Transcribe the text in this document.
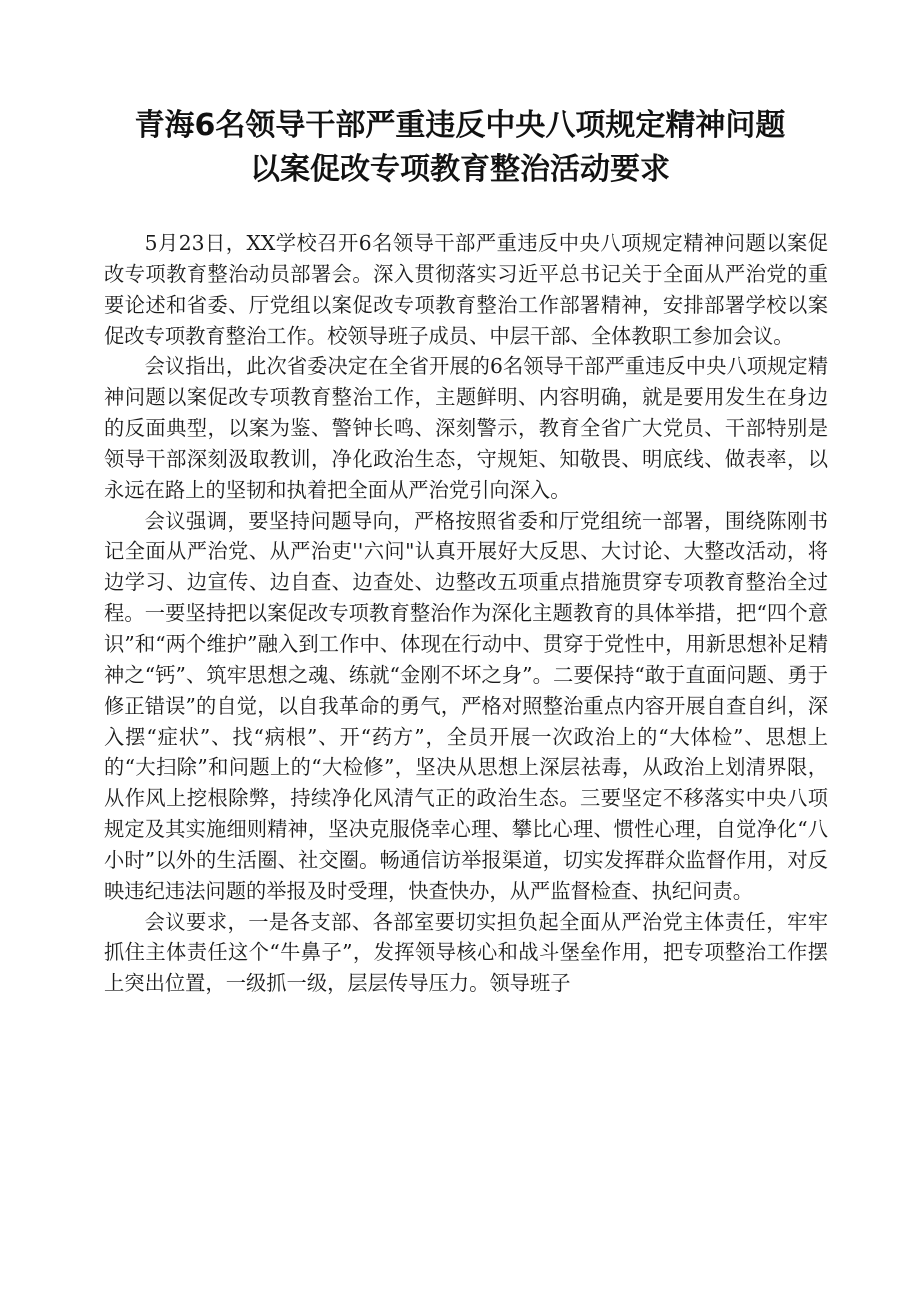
青海6名领导干部严重违反中央八项规定精神问题
以案促改专项教育整治活动要求

5月23日，XX学校召开6名领导干部严重违反中央八项规定精神问题以案促改专项教育整治动员部署会。深入贯彻落实习近平总书记关于全面从严治党的重要论述和省委、厅党组以案促改专项教育整治工作部署精神，安排部署学校以案促改专项教育整治工作。校领导班子成员、中层干部、全体教职工参加会议。

会议指出，此次省委决定在全省开展的6名领导干部严重违反中央八项规定精神问题以案促改专项教育整治工作，主题鲜明、内容明确，就是要用发生在身边的反面典型，以案为鉴、警钟长鸣、深刻警示，教育全省广大党员、干部特别是领导干部深刻汲取教训，净化政治生态，守规矩、知敬畏、明底线、做表率，以永远在路上的坚韧和执着把全面从严治党引向深入。

会议强调，要坚持问题导向，严格按照省委和厅党组统一部署，围绕陈刚书记全面从严治党、从严治吏''六问"认真开展好大反思、大讨论、大整改活动，将边学习、边宣传、边自查、边查处、边整改五项重点措施贯穿专项教育整治全过程。一要坚持把以案促改专项教育整治作为深化主题教育的具体举措，把“四个意识”和“两个维护”融入到工作中、体现在行动中、贯穿于党性中，用新思想补足精神之“钙”、筑牢思想之魂、练就“金刚不坏之身”。二要保持“敢于直面问题、勇于修正错误”的自觉，以自我革命的勇气，严格对照整治重点内容开展自查自纠，深入摆“症状”、找“病根”、开“药方”，全员开展一次政治上的“大体检”、思想上的“大扫除”和问题上的“大检修”，坚决从思想上深层祛毒，从政治上划清界限，从作风上挖根除弊，持续净化风清气正的政治生态。三要坚定不移落实中央八项规定及其实施细则精神，坚决克服侥幸心理、攀比心理、惯性心理，自觉净化“八小时”以外的生活圈、社交圈。畅通信访举报渠道，切实发挥群众监督作用，对反映违纪违法问题的举报及时受理，快查快办，从严监督检查、执纪问责。

会议要求，一是各支部、各部室要切实担负起全面从严治党主体责任，牢牢抓住主体责任这个“牛鼻子”，发挥领导核心和战斗堡垒作用，把专项整治工作摆上突出位置，一级抓一级，层层传导压力。领导班子
